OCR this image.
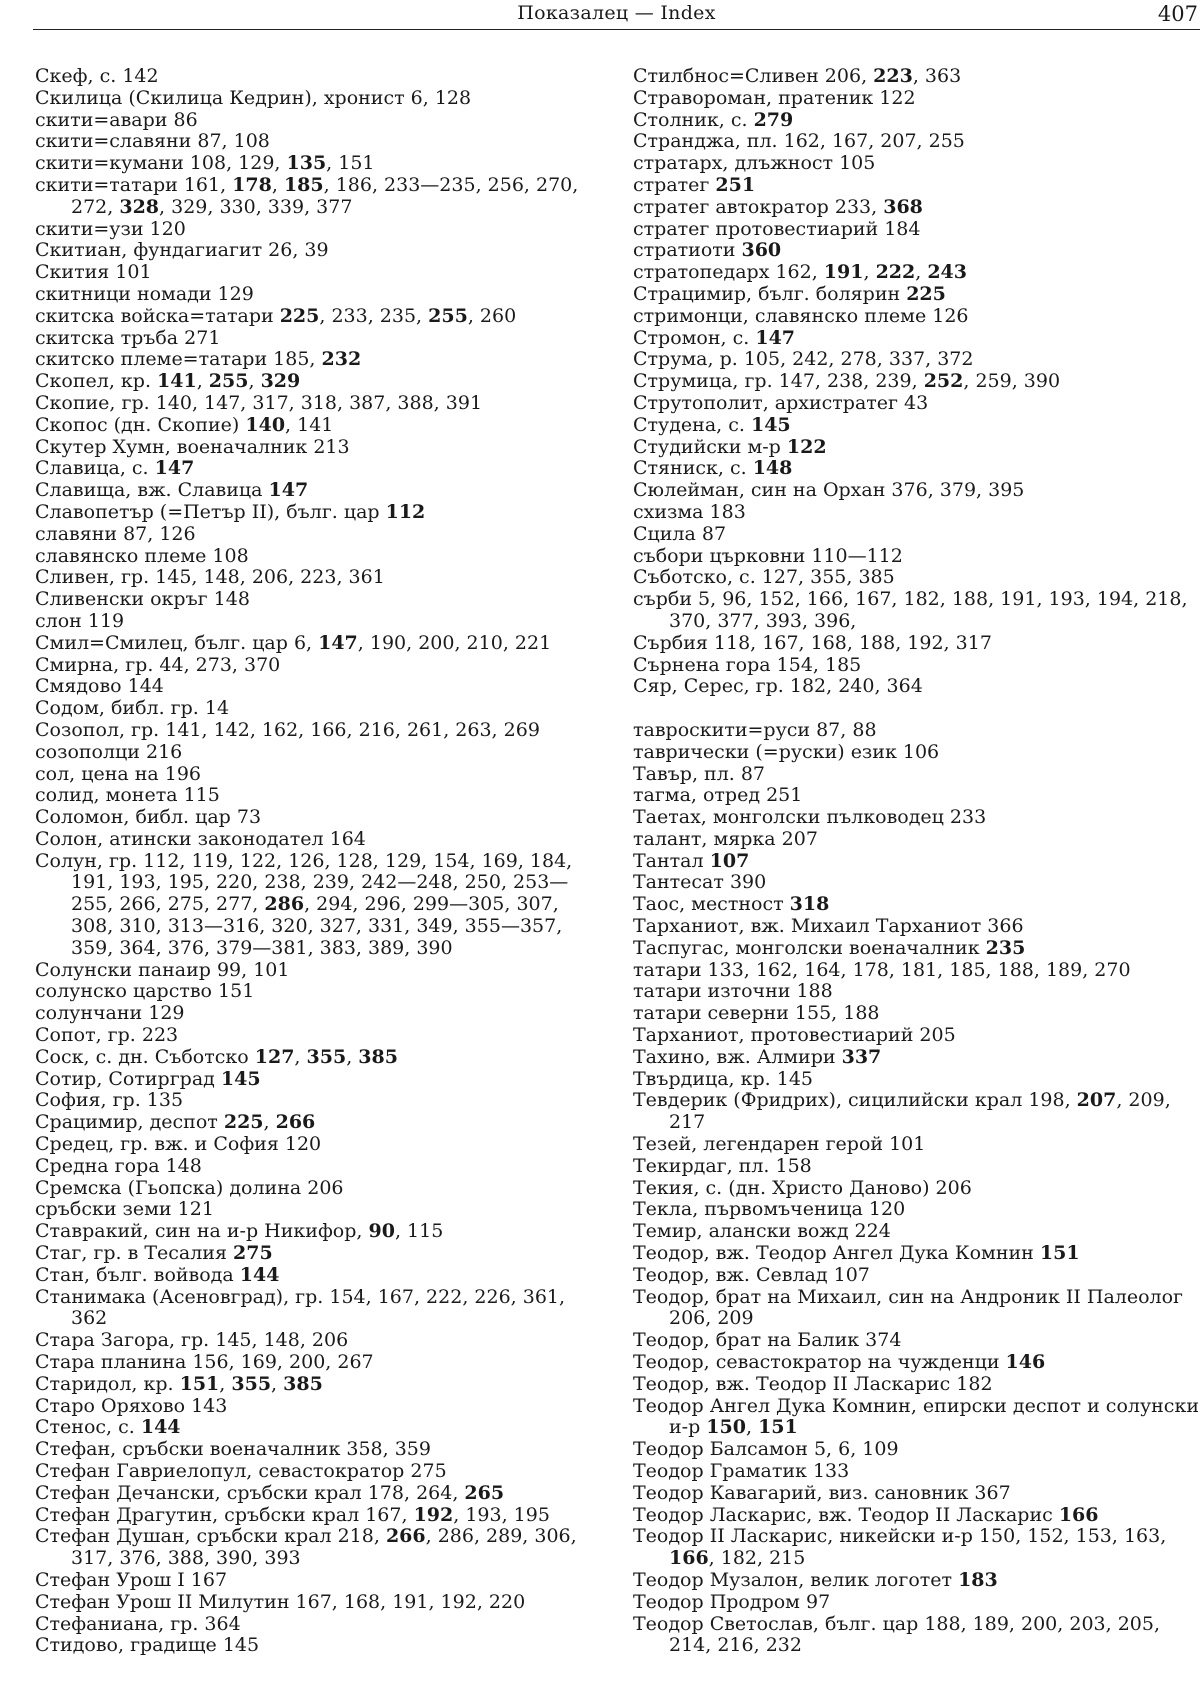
Показалец — Index	407
Скеф, с. 142
Скилица (Скилица Кедрин), хронист 6, 128
скити=авари 86
скити=славяни 87, 108
скити=кумани 108, 129, 135, 151
скити=татари 161, 178, 185, 186, 233—235, 256, 270, 272, 328, 329, 330, 339, 377
скити=узи 120
Скитиан, фундагиагит 26, 39
Скития 101
скитници номади 129
скитска войска=татари 225, 233, 235, 255, 260
скитска тръба 271
скитско племе=татари 185, 232
Скопел, кр. 141, 255, 329
Скопие, гр. 140, 147, 317, 318, 387, 388, 391
Скопос (дн. Скопие) 140, 141
Скутер Хумн, военачалник 213
Славица, с. 147
Славища, вж. Славица 147
Славопетър (=Петър II), бълг. цар 112
славяни 87, 126
славянско племе 108
Сливен, гр. 145, 148, 206, 223, 361
Сливенски окръг 148
слон 119
Смил=Смилец, бълг. цар 6, 147, 190, 200, 210, 221
Смирна, гр. 44, 273, 370
Смядово 144
Содом, библ. гр. 14
Созопол, гр. 141, 142, 162, 166, 216, 261, 263, 269
созополци 216
сол, цена на 196
солид, монета 115
Соломон, библ. цар 73
Солон, атински законодател 164
Солун, гр. 112, 119, 122, 126, 128, 129, 154, 169, 184, 191, 193, 195, 220, 238, 239, 242—248, 250, 253—255, 266, 275, 277, 286, 294, 296, 299—305, 307, 308, 310, 313—316, 320, 327, 331, 349, 355—357, 359, 364, 376, 379—381, 383, 389, 390
Солунски панаир 99, 101
солунско царство 151
солунчани 129
Сопот, гр. 223
Соск, с. дн. Съботско 127, 355, 385
Сотир, Сотирград 145
София, гр. 135
Срацимир, деспот 225, 266
Средец, гр. вж. и София 120
Средна гора 148
Сремска (Гьопска) долина 206
сръбски земи 121
Ставракий, син на и-р Никифор, 90, 115
Стаг, гр. в Тесалия 275
Стан, бълг. войвода 144
Станимака (Асеновград), гр. 154, 167, 222, 226, 361, 362
Стара Загора, гр. 145, 148, 206
Стара планина 156, 169, 200, 267
Старидол, кр. 151, 355, 385
Старо Оряхово 143
Стенос, с. 144
Стефан, сръбски военачалник 358, 359
Стефан Гавриелопул, севастократор 275
Стефан Дечански, сръбски крал 178, 264, 265
Стефан Драгутин, сръбски крал 167, 192, 193, 195
Стефан Душан, сръбски крал 218, 266, 286, 289, 306, 317, 376, 388, 390, 393
Стефан Урош I 167
Стефан Урош II Милутин 167, 168, 191, 192, 220
Стефаниана, гр. 364
Стидово, градище 145
Стилбнос=Сливен 206, 223, 363
Стравороман, пратеник 122
Столник, с. 279
Странджа, пл. 162, 167, 207, 255
стратарх, длъжност 105
стратег 251
стратег автократор 233, 368
стратег протовестиарий 184
стратиоти 360
стратопедарх 162, 191, 222, 243
Страцимир, бълг. болярин 225
стримонци, славянско племе 126
Стромон, с. 147
Струма, р. 105, 242, 278, 337, 372
Струмица, гр. 147, 238, 239, 252, 259, 390
Струтополит, архистратег 43
Студена, с. 145
Студийски м-р 122
Стяниск, с. 148
Сюлейман, син на Орхан 376, 379, 395
схизма 183
Сцила 87
събори църковни 110—112
Съботско, с. 127, 355, 385
сърби 5, 96, 152, 166, 167, 182, 188, 191, 193, 194, 218, 370, 377, 393, 396,
Сърбия 118, 167, 168, 188, 192, 317
Сърнена гора 154, 185
Сяр, Серес, гр. 182, 240, 364
тавроскити=руси 87, 88
таврически (=руски) език 106
Тавър, пл. 87
тагма, отред 251
Таетах, монголски пълководец 233
талант, мярка 207
Тантал 107
Тантесат 390
Таос, местност 318
Тарханиот, вж. Михаил Тарханиот 366
Таспугас, монголски военачалник 235
татари 133, 162, 164, 178, 181, 185, 188, 189, 270
татари източни 188
татари северни 155, 188
Тарханиот, протовестиарий 205
Тахино, вж. Алмири 337
Твърдица, кр. 145
Тевдерик (Фридрих), сицилийски крал 198, 207, 209, 217
Тезей, легендарен герой 101
Текирдаг, пл. 158
Текия, с. (дн. Христо Даново) 206
Текла, първомъченица 120
Темир, алански вожд 224
Теодор, вж. Теодор Ангел Дука Комнин 151
Теодор, вж. Севлад 107
Теодор, брат на Михаил, син на Андроник II Палеолог 206, 209
Теодор, брат на Балик 374
Теодор, севастократор на чужденци 146
Теодор, вж. Теодор II Ласкарис 182
Теодор Ангел Дука Комнин, епирски деспот и солунски и-р 150, 151
Теодор Балсамон 5, 6, 109
Теодор Граматик 133
Теодор Кавагарий, виз. сановник 367
Теодор Ласкарис, вж. Теодор II Ласкарис 166
Теодор II Ласкарис, никейски и-р 150, 152, 153, 163, 166, 182, 215
Теодор Музалон, велик логотет 183
Теодор Продром 97
Теодор Светослав, бълг. цар 188, 189, 200, 203, 205, 214, 216, 232
